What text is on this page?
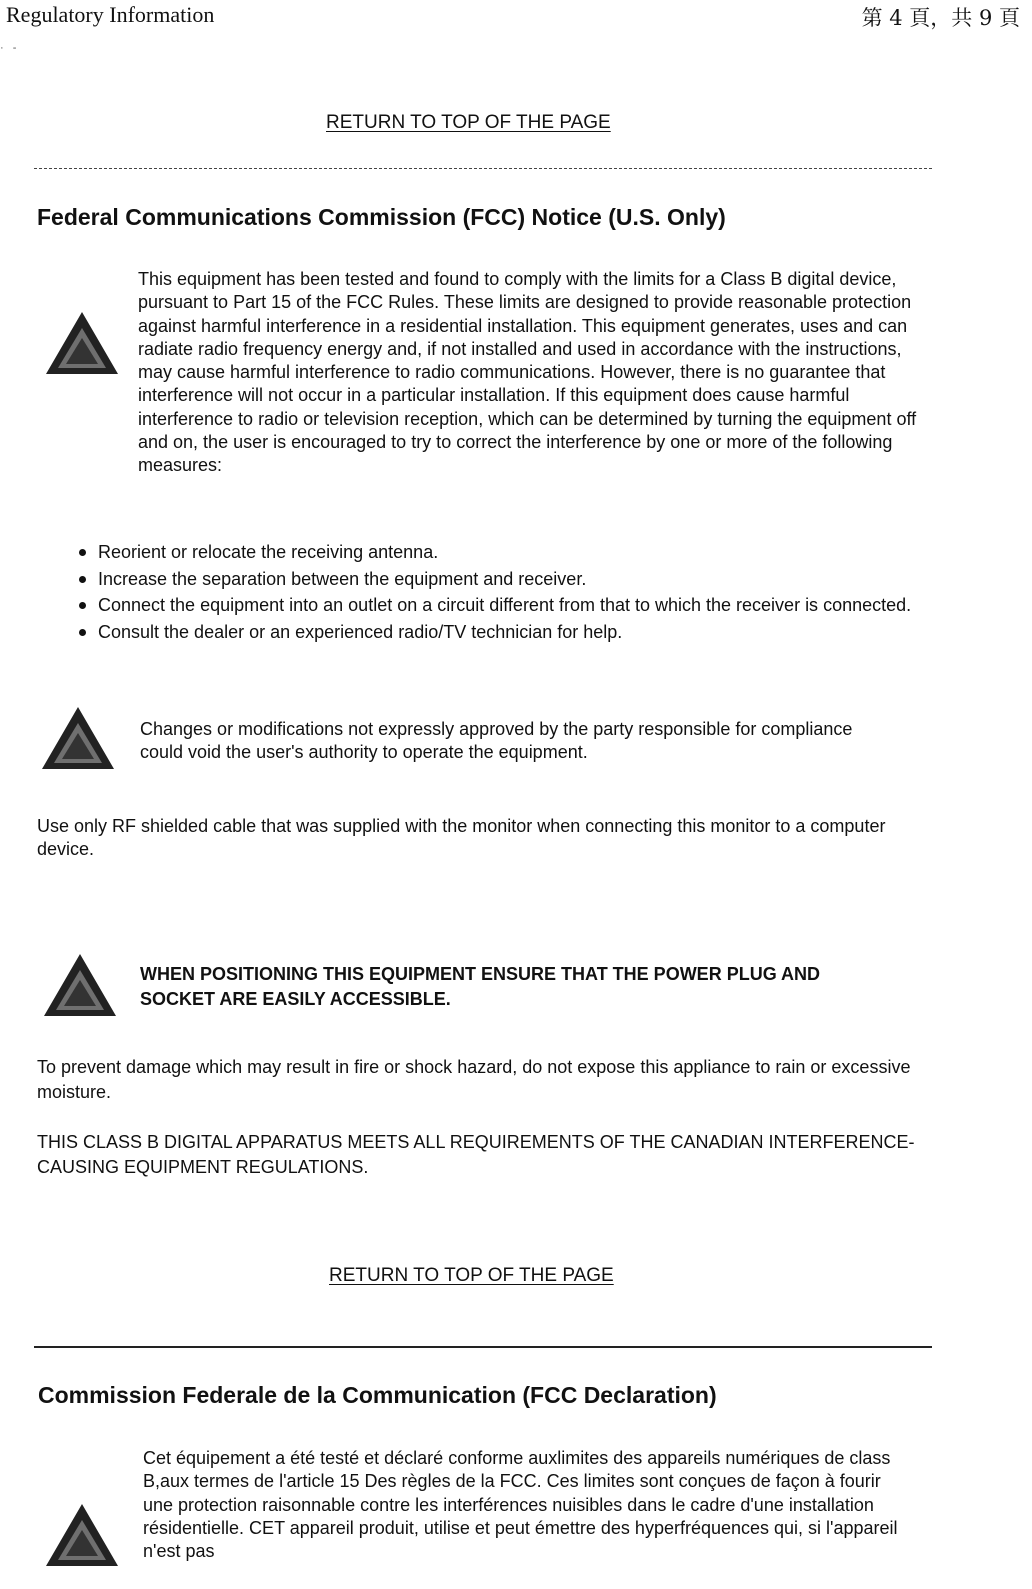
Regulatory Information	第 4 頁，共 9 頁
· -
RETURN TO TOP OF THE PAGE
Federal Communications Commission (FCC) Notice (U.S. Only)
This equipment has been tested and found to comply with the limits for a Class B digital device, pursuant to Part 15 of the FCC Rules. These limits are designed to provide reasonable protection against harmful interference in a residential installation. This equipment generates, uses and can radiate radio frequency energy and, if not installed and used in accordance with the instructions, may cause harmful interference to radio communications. However, there is no guarantee that interference will not occur in a particular installation. If this equipment does cause harmful interference to radio or television reception, which can be determined by turning the equipment off and on, the user is encouraged to try to correct the interference by one or more of the following measures:
Reorient or relocate the receiving antenna.
Increase the separation between the equipment and receiver.
Connect the equipment into an outlet on a circuit different from that to which the receiver is connected.
Consult the dealer or an experienced radio/TV technician for help.
Changes or modifications not expressly approved by the party responsible for compliance could void the user's authority to operate the equipment.
Use only RF shielded cable that was supplied with the monitor when connecting this monitor to a computer device.
WHEN POSITIONING THIS EQUIPMENT ENSURE THAT THE POWER PLUG AND SOCKET ARE EASILY ACCESSIBLE.
To prevent damage which may result in fire or shock hazard, do not expose this appliance to rain or excessive moisture.
THIS CLASS B DIGITAL APPARATUS MEETS ALL REQUIREMENTS OF THE CANADIAN INTERFERENCE-CAUSING EQUIPMENT REGULATIONS.
RETURN TO TOP OF THE PAGE
Commission Federale de la Communication (FCC Declaration)
Cet équipement a été testé et déclaré conforme auxlimites des appareils numériques de class B,aux termes de l'article 15 Des règles de la FCC. Ces limites sont conçues de façon à fourir une protection raisonnable contre les interférences nuisibles dans le cadre d'une installation résidentielle. CET appareil produit, utilise et peut émettre des hyperfréquences qui, si l'appareil n'est pas
